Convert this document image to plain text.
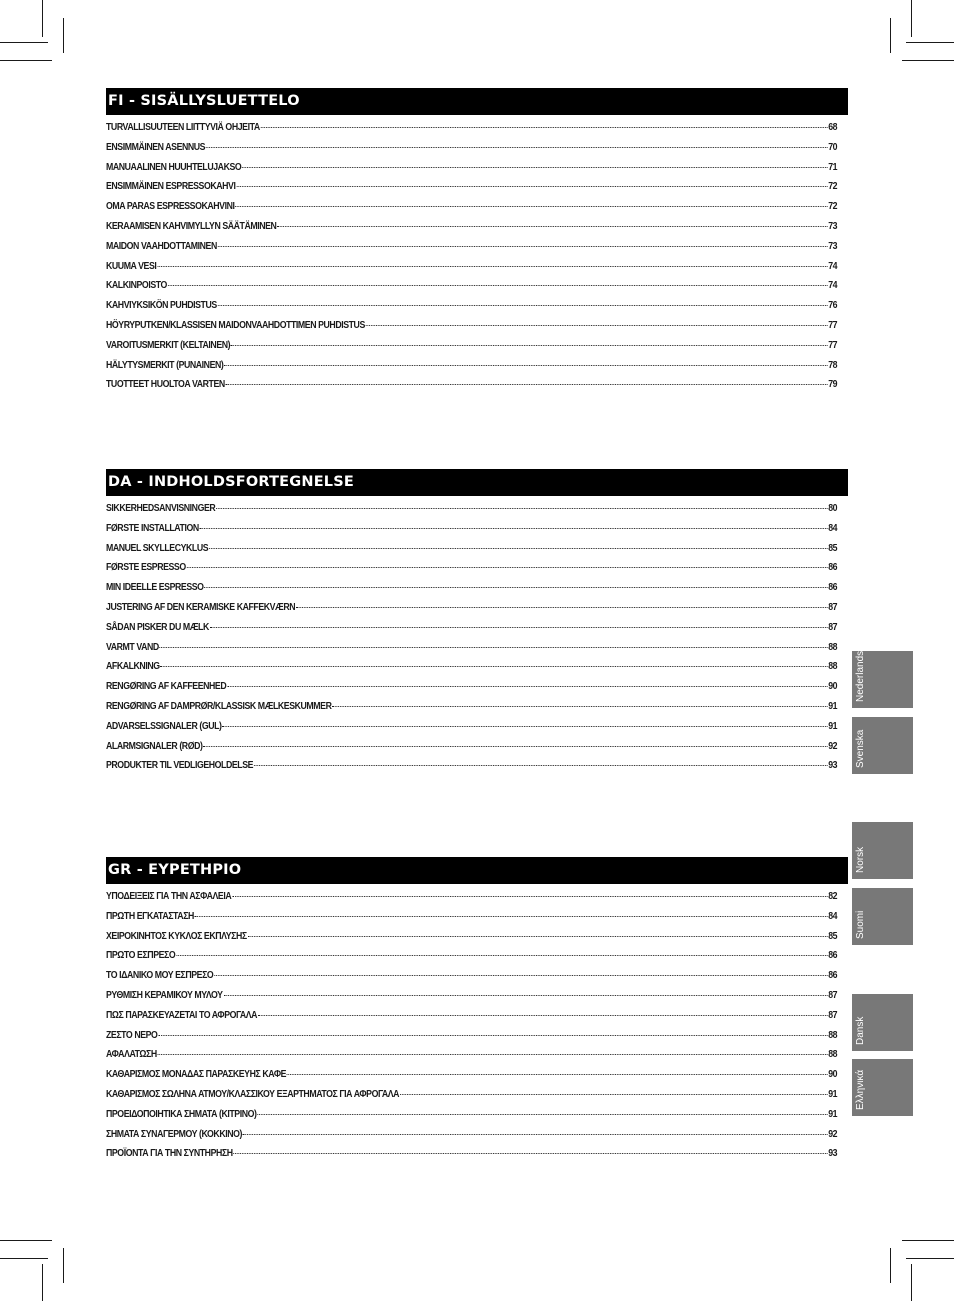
FI - SISÄLLYSLUETTELO
TURVALLISUUTEEN LIITTYVIÄ OHJEITA	68
ENSIMMÄINEN ASENNUS	70
MANUAALINEN HUUHTELUJAKSO	71
ENSIMMÄINEN ESPRESSOKAHVI	72
OMA PARAS ESPRESSOKAHVINI	72
KERAAMISEN KAHVIMYLLYN SÄÄTÄMINEN	73
MAIDON VAAHDOTTAMINEN	73
KUUMA VESI	74
KALKINPOISTO	74
KAHVIYKSIKÖN PUHDISTUS	76
HÖYRYPUTKEN/KLASSISEN MAIDONVAAHDOTTIMEN PUHDISTUS	77
VAROITUSMERKIT (KELTAINEN)	77
HÄLYTYSMERKIT (PUNAINEN)	78
TUOTTEET HUOLTOA VARTEN	79
DA - INDHOLDSFORTEGNELSE
SIKKERHEDSANVISNINGER	80
FØRSTE INSTALLATION	84
MANUEL SKYLLECYKLUS	85
FØRSTE ESPRESSO	86
MIN IDEELLE ESPRESSO	86
JUSTERING AF DEN KERAMISKE KAFFEKVÆRN	87
SÅDAN PISKER DU MÆLK	87
VARMT VAND	88
AFKALKNING	88
RENGØRING AF KAFFEENHED	90
RENGØRING AF DAMPRØR/KLASSISK MÆLKESKUMMER	91
ADVARSELSSIGNALER (GUL)	91
ALARMSIGNALER (RØD)	92
PRODUKTER TIL VEDLIGEHOLDELSE	93
GR - ΕΥΡΕΤΗΡΙΟ
ΥΠΟΔΕΙΞΕΙΣ ΓΙΑ ΤΗΝ ΑΣΦΑΛΕΙΑ	82
ΠΡΩΤΗ ΕΓΚΑΤΑΣΤΑΣΗ	84
ΧΕΙΡΟΚΙΝΗΤΟΣ ΚΥΚΛΟΣ ΕΚΠΛΥΣΗΣ	85
ΠΡΩΤΟ ΕΣΠΡΕΣΟ	86
ΤΟ ΙΔΑΝΙΚΟ ΜΟΥ ΕΣΠΡΕΣΟ	86
ΡΥΘΜΙΣΗ ΚΕΡΑΜΙΚΟΥ ΜΥΛΟΥ	87
ΠΩΣ ΠΑΡΑΣΚΕΥΑΖΕΤΑΙ ΤΟ ΑΦΡΟΓΑΛΑ	87
ΖΕΣΤΟ ΝΕΡΟ	88
ΑΦΑΛΑΤΩΣΗ	88
ΚΑΘΑΡΙΣΜΟΣ ΜΟΝΑΔΑΣ ΠΑΡΑΣΚΕΥΗΣ ΚΑΦΕ	90
ΚΑΘΑΡΙΣΜΟΣ ΣΩΛΗΝΑ ΑΤΜΟΥ/ΚΛΑΣΣΙΚΟΥ ΕΞΑΡΤΗΜΑΤΟΣ ΓΙΑ ΑΦΡΟΓΑΛΑ	91
ΠΡΟΕΙΔΟΠΟΙΗΤΙΚΑ ΣΗΜΑΤΑ (ΚΙΤΡΙΝΟ)	91
ΣΗΜΑΤΑ ΣΥΝΑΓΕΡΜΟΥ (ΚΟΚΚΙΝΟ)	92
ΠΡΟΪΟΝΤΑ ΓΙΑ ΤΗΝ ΣΥΝΤΗΡΗΣΗ	93
Nederlands
Svenska
Norsk
Suomi
Dansk
Ελληνικά
